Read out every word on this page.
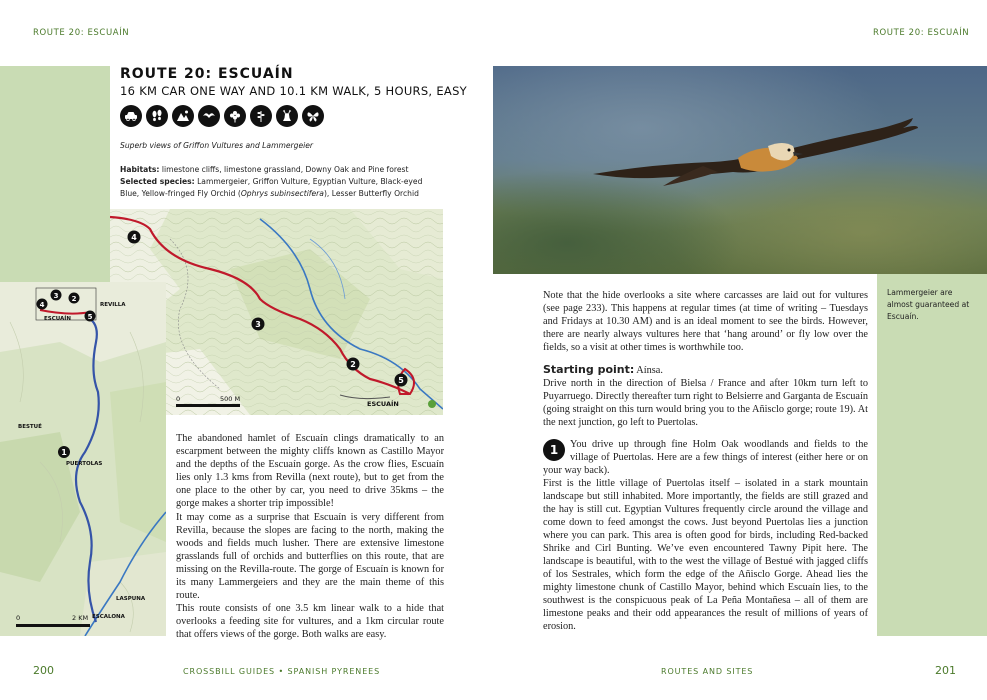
ROUTE 20: ESCUAÍN	ROUTE 20: ESCUAÍN
ROUTE 20: ESCUAÍN
16 KM CAR ONE WAY AND 10.1 KM WALK, 5 HOURS, EASY
Superb views of Griffon Vultures and Lammergeier
Habitats: limestone cliffs, limestone grassland, Downy Oak and Pine forest
Selected species: Lammergeier, Griffon Vulture, Egyptian Vulture, Black-eyed Blue, Yellow-fringed Fly Orchid (Ophrys subinsectifera), Lesser Butterfly Orchid
4
3
2
5
ESCUAÍN
0	500 M
4
3 2
5
1
REVILLA
ESCUAÍN
PUERTOLAS
BESTUÉ
LASPUNA
ESCALONA
0	2 KM

The abandoned hamlet of Escuaín clings dramatically to an escarpment between the mighty cliffs known as Castillo Mayor and the depths of the Escuaín gorge. As the crow flies, Escuaín lies only 1.3 kms from Revilla (next route), but to get from the one place to the other by car, you need to drive 35kms – the gorge makes a shorter trip impossible!

It may come as a surprise that Escuaín is very different from Revilla, because the slopes are facing to the north, making the woods and fields much lusher. There are extensive limestone grasslands full of orchids and butterflies on this route, that are missing on the Revilla-route. The gorge of Escuaín is known for its many Lammergeiers and they are the main theme of this route.

This route consists of one 3.5 km linear walk to a hide that overlooks a feeding site for vultures, and a 1km circular route that offers views of the gorge. Both walks are easy.

Lammergeier are almost guaranteed at Escuaín.

Note that the hide overlooks a site where carcasses are laid out for vultures (see page 233). This happens at regular times (at time of writing – Tuesdays and Fridays at 10.30 AM) and is an ideal moment to see the birds. However, there are nearly always vultures here that ‘hang around’ or fly low over the fields, so a visit at other times is worthwhile too.

Starting point: Aínsa.

Drive north in the direction of Bielsa / France and after 10km turn left to Puyarruego. Directly thereafter turn right to Belsierre and Garganta de Escuaín (going straight on this turn would bring you to the Añisclo gorge; route 19). At the next junction, go left to Puertolas.

1	You drive up through fine Holm Oak woodlands and fields to the village of Puertolas. Here are a few things of interest (either here or on your way back).

First is the little village of Puertolas itself – isolated in a stark mountain landscape but still inhabited. More importantly, the fields are still grazed and the hay is still cut. Egyptian Vultures frequently circle around the village and come down to feed amongst the cows. Just beyond Puertolas lies a junction where you can park. This area is often good for birds, including Red-backed Shrike and Cirl Bunting. We’ve even encountered Tawny Pipit here. The landscape is beautiful, with to the west the village of Bestué with jagged cliffs of los Sestrales, which form the edge of the Añisclo Gorge. Ahead lies the mighty limestone chunk of Castillo Mayor, behind which Escuaín lies, to the southwest is the conspicuous peak of La Peña Montañesa – all of them are limestone peaks and their odd appearances the result of millions of years of erosion.

200	CROSSBILL GUIDES • SPANISH PYRENEES	ROUTES AND SITES	201
